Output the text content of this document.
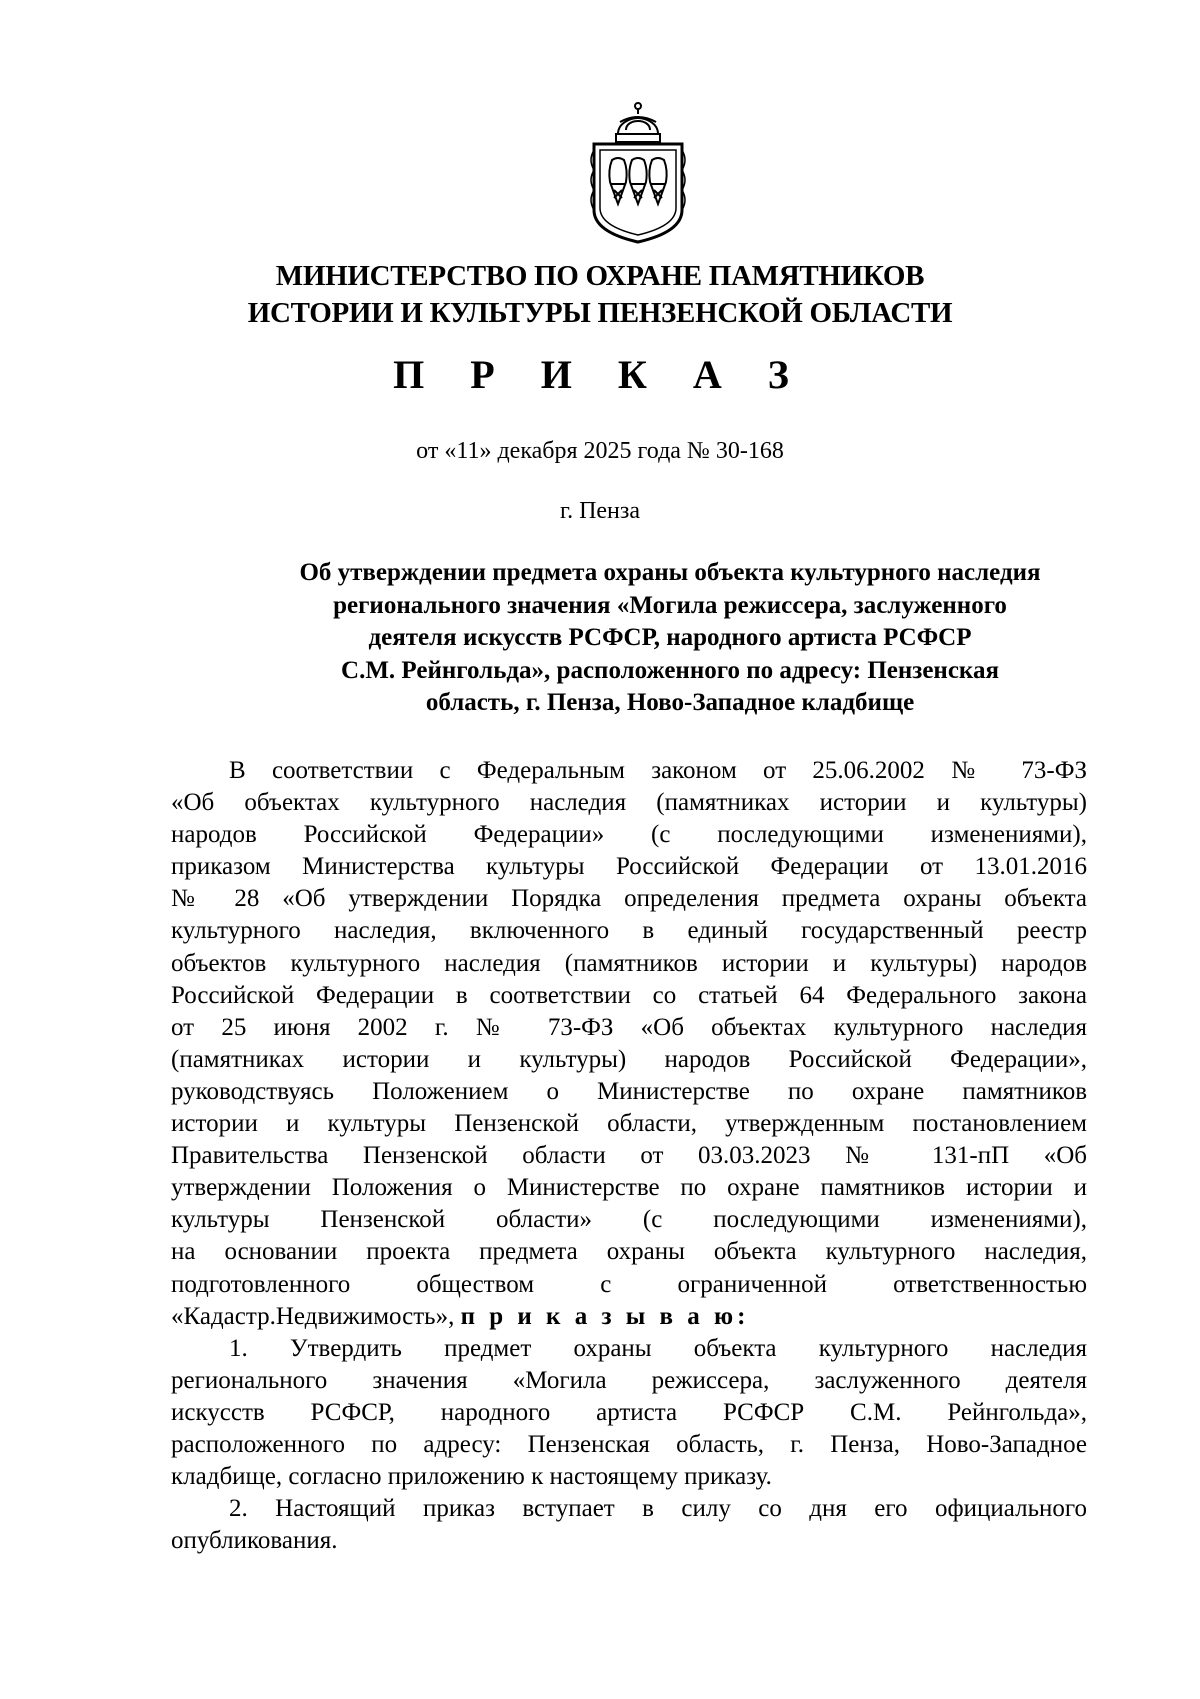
МИНИСТЕРСТВО ПО ОХРАНЕ ПАМЯТНИКОВ
ИСТОРИИ И КУЛЬТУРЫ ПЕНЗЕНСКОЙ ОБЛАСТИ
П Р И К А З
от «11» декабря 2025 года № 30-168
г. Пенза
Об утверждении предмета охраны объекта культурного наследия
регионального значения «Могила режиссера, заслуженного
деятеля искусств РСФСР, народного артиста РСФСР
С.М. Рейнгольда», расположенного по адресу: Пензенская
область, г. Пенза, Ново-Западное кладбище
В соответствии с Федеральным законом от 25.06.2002 № 73-ФЗ
«Об объектах культурного наследия (памятниках истории и культуры)
народов Российской Федерации» (с последующими изменениями),
приказом Министерства культуры Российской Федерации от 13.01.2016
№ 28 «Об утверждении Порядка определения предмета охраны объекта
культурного наследия, включенного в единый государственный реестр
объектов культурного наследия (памятников истории и культуры) народов
Российской Федерации в соответствии со статьей 64 Федерального закона
от 25 июня 2002 г. № 73-ФЗ «Об объектах культурного наследия
(памятниках истории и культуры) народов Российской Федерации»,
руководствуясь Положением о Министерстве по охране памятников
истории и культуры Пензенской области, утвержденным постановлением
Правительства Пензенской области от 03.03.2023 № 131-пП «Об
утверждении Положения о Министерстве по охране памятников истории и
культуры Пензенской области» (с последующими изменениями),
на основании проекта предмета охраны объекта культурного наследия,
подготовленного обществом с ограниченной ответственностью
«Кадастр.Недвижимость», п р и к а з ы в а ю:
1. Утвердить предмет охраны объекта культурного наследия
регионального значения «Могила режиссера, заслуженного деятеля
искусств РСФСР, народного артиста РСФСР С.М. Рейнгольда»,
расположенного по адресу: Пензенская область, г. Пенза, Ново-Западное
кладбище, согласно приложению к настоящему приказу.
2. Настоящий приказ вступает в силу со дня его официального
опубликования.
